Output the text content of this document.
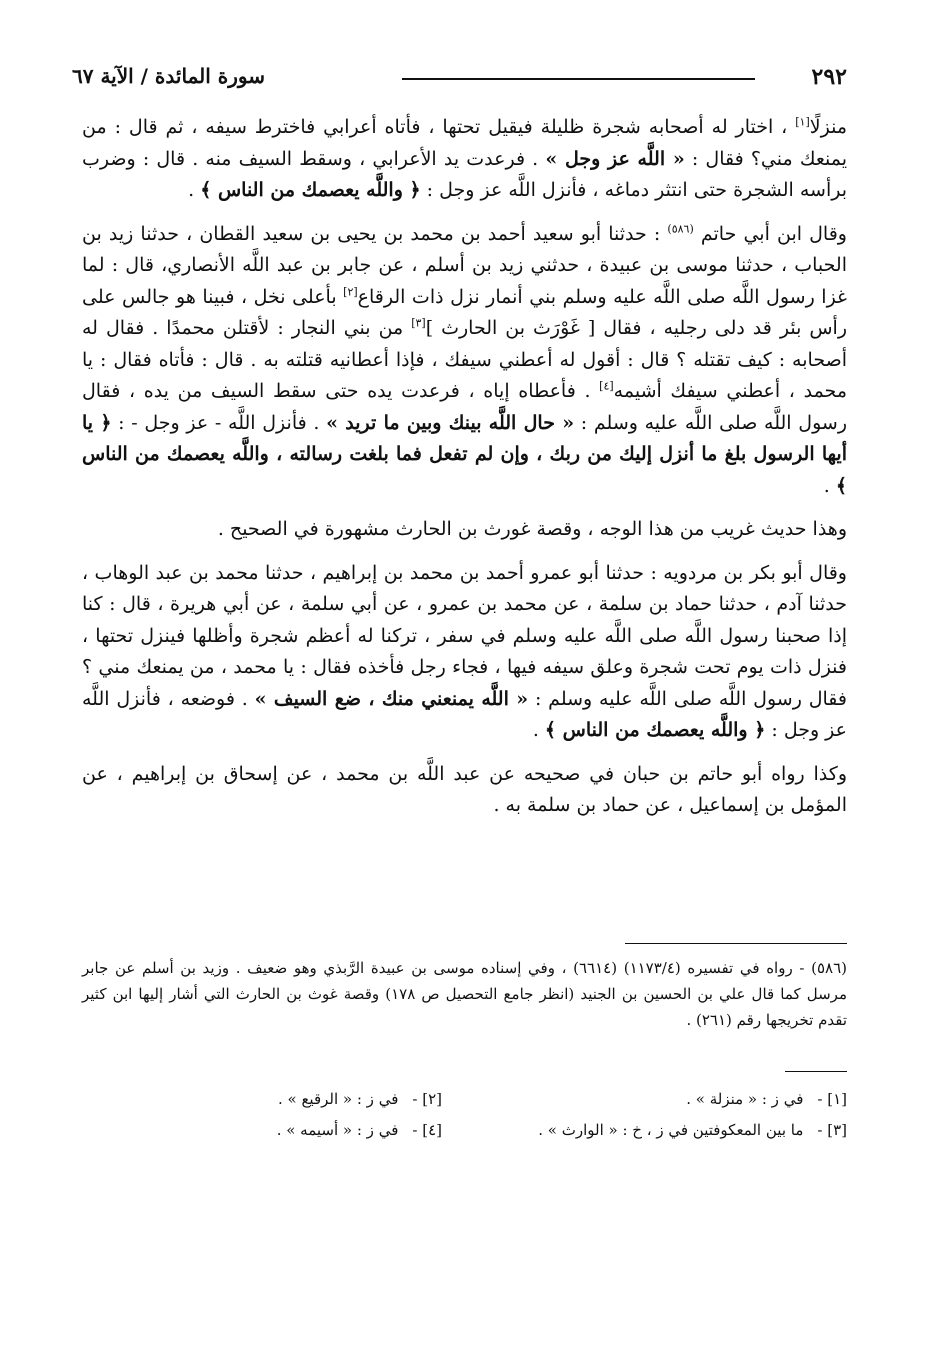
٢٩٢
سورة المائدة / الآية ٦٧

منزلًا[١] ، اختار له أصحابه شجرة ظليلة فيقيل تحتها ، فأتاه أعرابي فاخترط سيفه ، ثم قال : من يمنعك مني؟ فقال : « اللَّه عز وجل » . فرعدت يد الأعرابي ، وسقط السيف منه . قال : وضرب برأسه الشجرة حتى انتثر دماغه ، فأنزل اللَّه عز وجل : ﴿ واللَّه يعصمك من الناس ﴾ .

وقال ابن أبي حاتم $^{(٥٨٦)}$ : حدثنا أبو سعيد أحمد بن محمد بن يحيى بن سعيد القطان ، حدثنا زيد بن الحباب ، حدثنا موسى بن عبيدة ، حدثني زيد بن أسلم ، عن جابر بن عبد اللَّه الأنصاري، قال : لما غزا رسول اللَّه صلى اللَّه عليه وسلم بني أنمار نزل ذات الرقاع[٢] بأعلى نخل ، فبينا هو جالس على رأس بئر قد دلى رجليه ، فقال [ غَوْرَث بن الحارث ][٣] من بني النجار : لأقتلن محمدًا . فقال له أصحابه : كيف تقتله ؟ قال : أقول له أعطني سيفك ، فإذا أعطانيه قتلته به . قال : فأتاه فقال : يا محمد ، أعطني سيفك أشيمه[٤] . فأعطاه إياه ، فرعدت يده حتى سقط السيف من يده ، فقال رسول اللَّه صلى اللَّه عليه وسلم : « حال اللَّه بينك وبين ما تريد » . فأنزل اللَّه - عز وجل - : ﴿ يا أيها الرسول بلغ ما أنزل إليك من ربك ، وإن لم تفعل فما بلغت رسالته ، واللَّه يعصمك من الناس ﴾ .

وهذا حديث غريب من هذا الوجه ، وقصة غورث بن الحارث مشهورة في الصحيح .

وقال أبو بكر بن مردويه : حدثنا أبو عمرو أحمد بن محمد بن إبراهيم ، حدثنا محمد بن عبد الوهاب ، حدثنا آدم ، حدثنا حماد بن سلمة ، عن محمد بن عمرو ، عن أبي سلمة ، عن أبي هريرة ، قال : كنا إذا صحبنا رسول اللَّه صلى اللَّه عليه وسلم في سفر ، تركنا له أعظم شجرة وأظلها فينزل تحتها ، فنزل ذات يوم تحت شجرة وعلق سيفه فيها ، فجاء رجل فأخذه فقال : يا محمد ، من يمنعك مني ؟ فقال رسول اللَّه صلى اللَّه عليه وسلم : « اللَّه يمنعني منك ، ضع السيف » . فوضعه ، فأنزل اللَّه عز وجل : ﴿ واللَّه يعصمك من الناس ﴾ .

وكذا رواه أبو حاتم بن حبان في صحيحه عن عبد اللَّه بن محمد ، عن إسحاق بن إبراهيم ، عن المؤمل بن إسماعيل ، عن حماد بن سلمة به .

(٥٨٦) - رواه في تفسيره (١١٧٣/٤) (٦٦١٤) ، وفي إسناده موسى بن عبيدة الرَّبذي وهو ضعيف . وزيد بن أسلم عن جابر مرسل كما قال علي بن الحسين بن الجنيد (انظر جامع التحصيل ص ١٧٨) وقصة غوث بن الحارث التي أشار إليها ابن كثير تقدم تخريجها رقم (٢٦١) .

[١] -في ز : « منزلة » .
[٢] -في ز : « الرقيع » .
[٣] -ما بين المعكوفتين في ز ، خ : « الوارث » .
[٤] -في ز : « أسيمه » .
